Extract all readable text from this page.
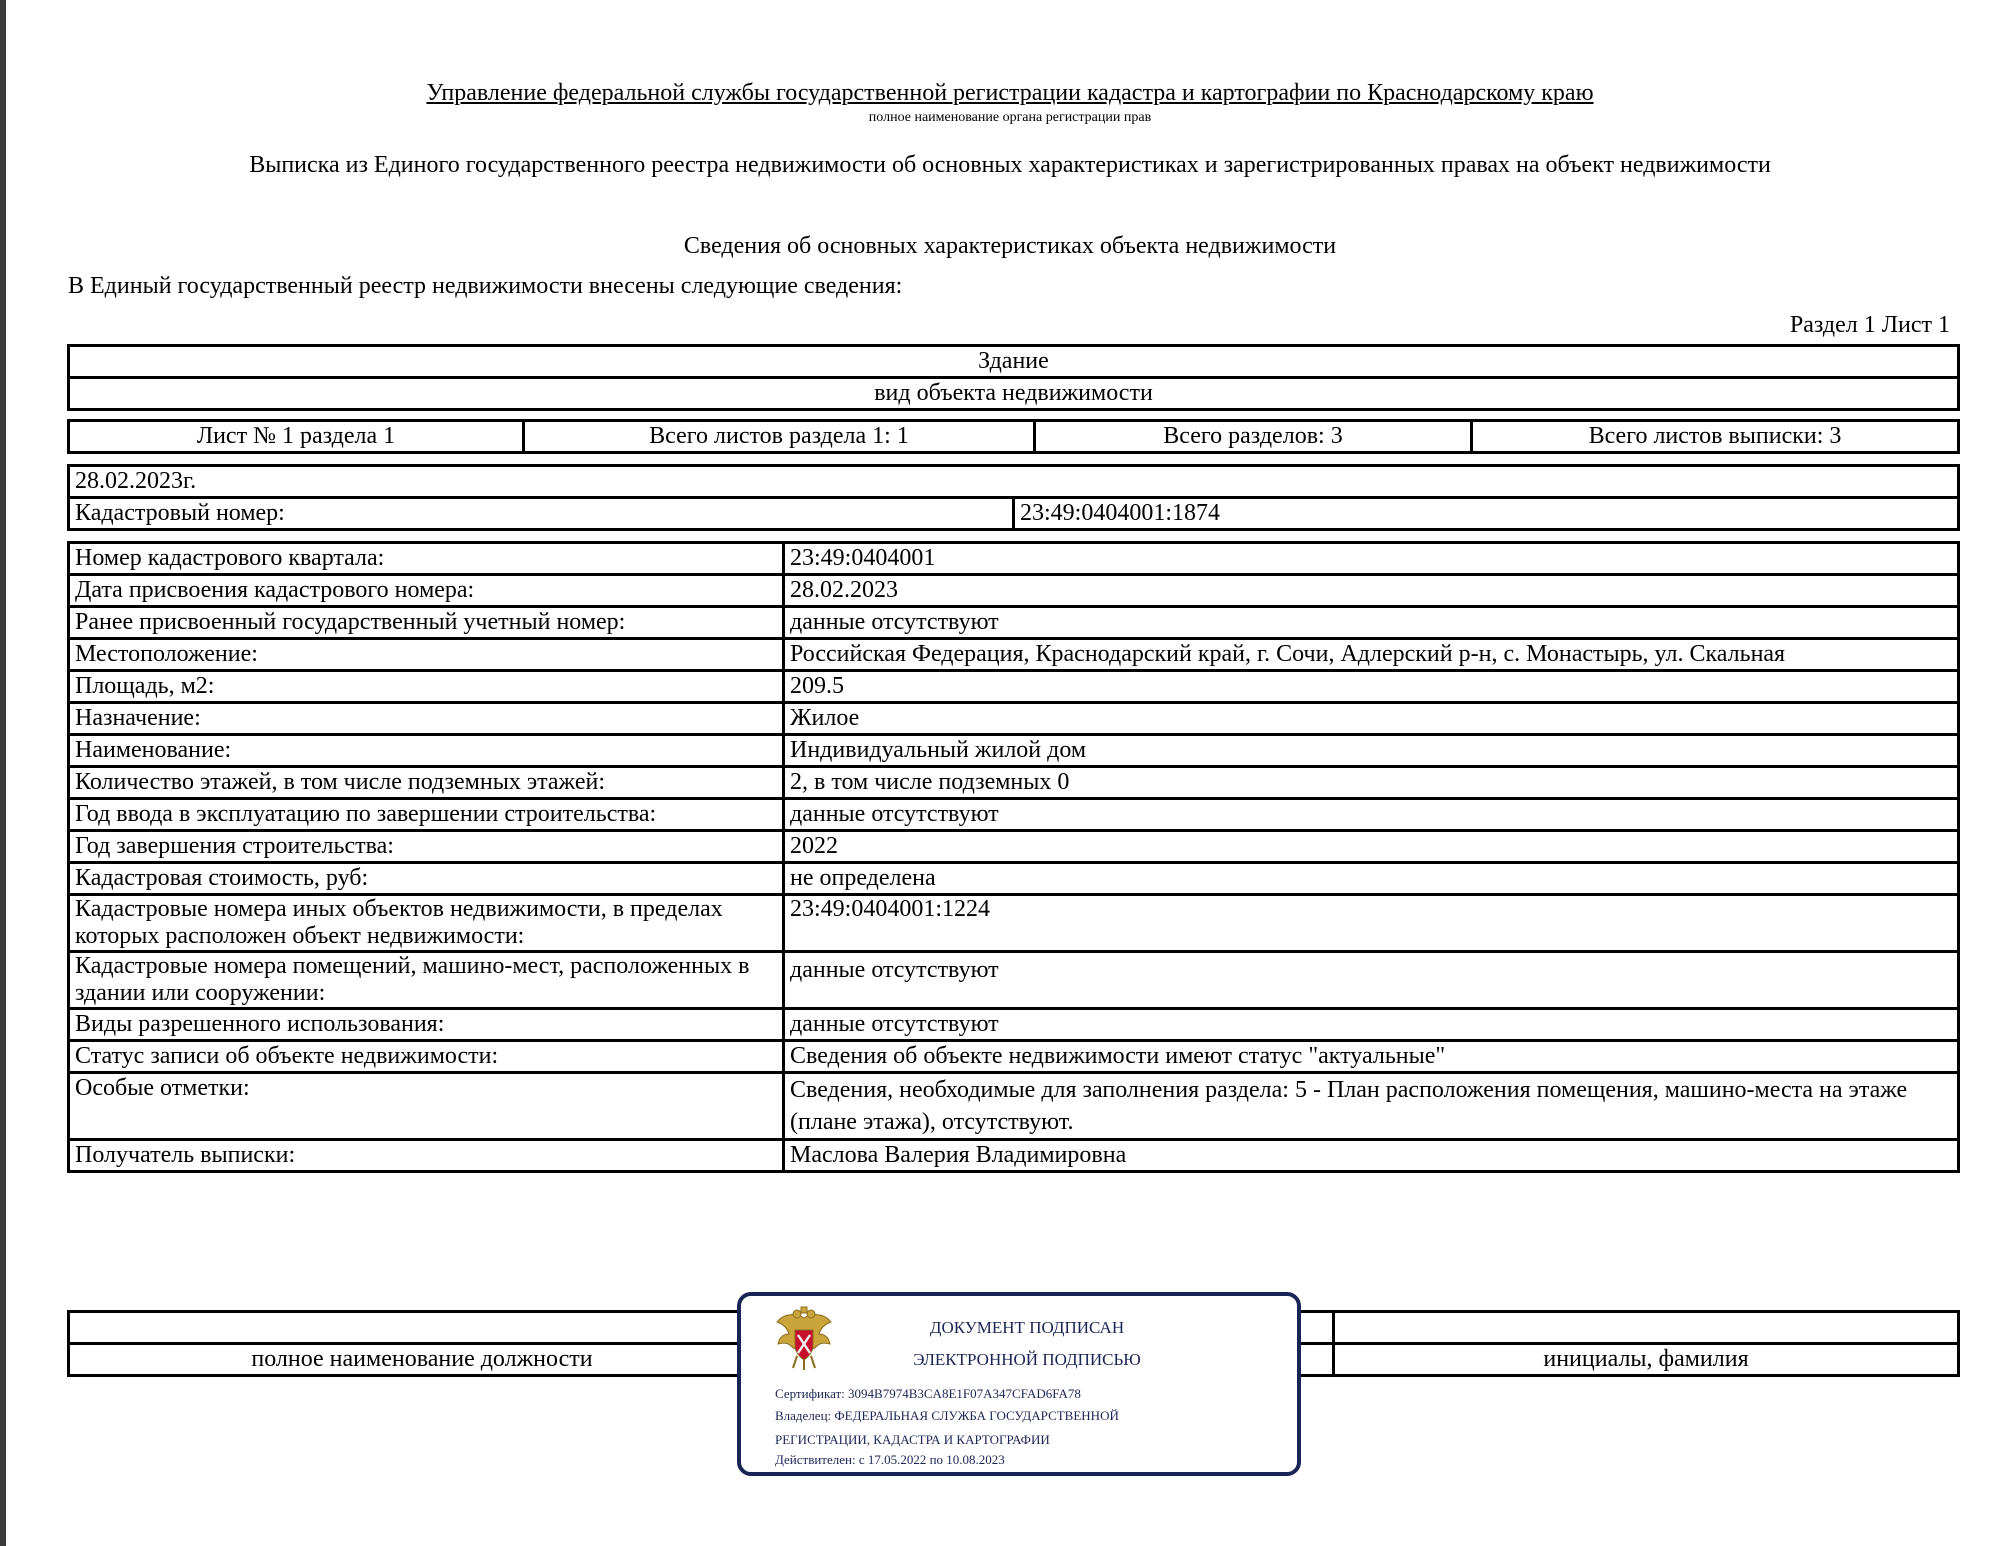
Управление федеральной службы государственной регистрации кадастра и картографии по Краснодарскому краю
полное наименование органа регистрации прав
Выписка из Единого государственного реестра недвижимости об основных характеристиках и зарегистрированных правах на объект недвижимости
Сведения об основных характеристиках объекта недвижимости
В Единый государственный реестр недвижимости внесены следующие сведения:
Раздел 1 Лист 1
Здание
вид объекта недвижимости
Лист № 1 раздела 1	Всего листов раздела 1: 1	Всего разделов: 3	Всего листов выписки: 3
28.02.2023г.
Кадастровый номер:	23:49:0404001:1874
Номер кадастрового квартала:	23:49:0404001
Дата присвоения кадастрового номера:	28.02.2023
Ранее присвоенный государственный учетный номер:	данные отсутствуют
Местоположение:	Российская Федерация, Краснодарский край, г. Сочи, Адлерский р-н, с. Монастырь, ул. Скальная
Площадь, м2:	209.5
Назначение:	Жилое
Наименование:	Индивидуальный жилой дом
Количество этажей, в том числе подземных этажей:	2, в том числе подземных 0
Год ввода в эксплуатацию по завершении строительства:	данные отсутствуют
Год завершения строительства:	2022
Кадастровая стоимость, руб:	не определена
Кадастровые номера иных объектов недвижимости, в пределах которых расположен объект недвижимости:	23:49:0404001:1224
Кадастровые номера помещений, машино-мест, расположенных в здании или сооружении:	данные отсутствуют
Виды разрешенного использования:	данные отсутствуют
Статус записи об объекте недвижимости:	Сведения об объекте недвижимости имеют статус "актуальные"
Особые отметки:	Сведения, необходимые для заполнения раздела: 5 - План расположения помещения, машино-места на этаже (плане этажа), отсутствуют.
Получатель выписки:	Маслова Валерия Владимировна

полное наименование должности		инициалы, фамилия
ДОКУМЕНТ ПОДПИСАН
ЭЛЕКТРОННОЙ ПОДПИСЬЮ
Сертификат: 3094B7974B3CA8E1F07A347CFAD6FA78
Владелец: ФЕДЕРАЛЬНАЯ СЛУЖБА ГОСУДАРСТВЕННОЙ
РЕГИСТРАЦИИ, КАДАСТРА И КАРТОГРАФИИ
Действителен: с 17.05.2022 по 10.08.2023
